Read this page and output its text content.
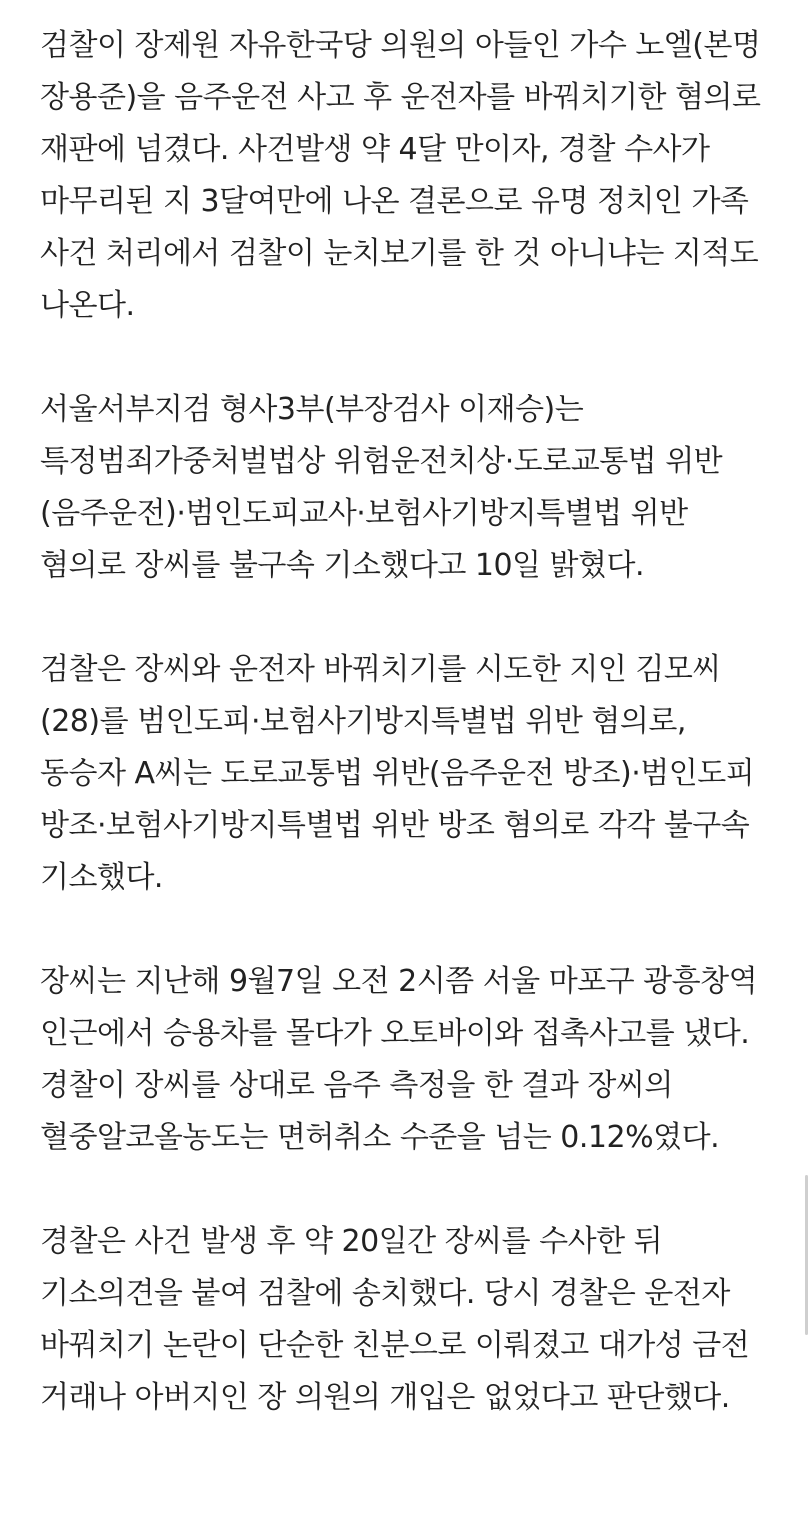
검찰이 장제원 자유한국당 의원의 아들인 가수 노엘(본명 장용준)을 음주운전 사고 후 운전자를 바꿔치기한 혐의로 재판에 넘겼다. 사건발생 약 4달 만이자, 경찰 수사가 마무리된 지 3달여만에 나온 결론으로 유명 정치인 가족 사건 처리에서 검찰이 눈치보기를 한 것 아니냐는 지적도 나온다.

서울서부지검 형사3부(부장검사 이재승)는 특정범죄가중처벌법상 위험운전치상·도로교통법 위반(음주운전)·범인도피교사·보험사기방지특별법 위반 혐의로 장씨를 불구속 기소했다고 10일 밝혔다.

검찰은 장씨와 운전자 바꿔치기를 시도한 지인 김모씨(28)를 범인도피·보험사기방지특별법 위반 혐의로, 동승자 A씨는 도로교통법 위반(음주운전 방조)·범인도피 방조·보험사기방지특별법 위반 방조 혐의로 각각 불구속 기소했다.

장씨는 지난해 9월7일 오전 2시쯤 서울 마포구 광흥창역 인근에서 승용차를 몰다가 오토바이와 접촉사고를 냈다. 경찰이 장씨를 상대로 음주 측정을 한 결과 장씨의 혈중알코올농도는 면허취소 수준을 넘는 0.12%였다.

경찰은 사건 발생 후 약 20일간 장씨를 수사한 뒤 기소의견을 붙여 검찰에 송치했다. 당시 경찰은 운전자 바꿔치기 논란이 단순한 친분으로 이뤄졌고 대가성 금전 거래나 아버지인 장 의원의 개입은 없었다고 판단했다.
